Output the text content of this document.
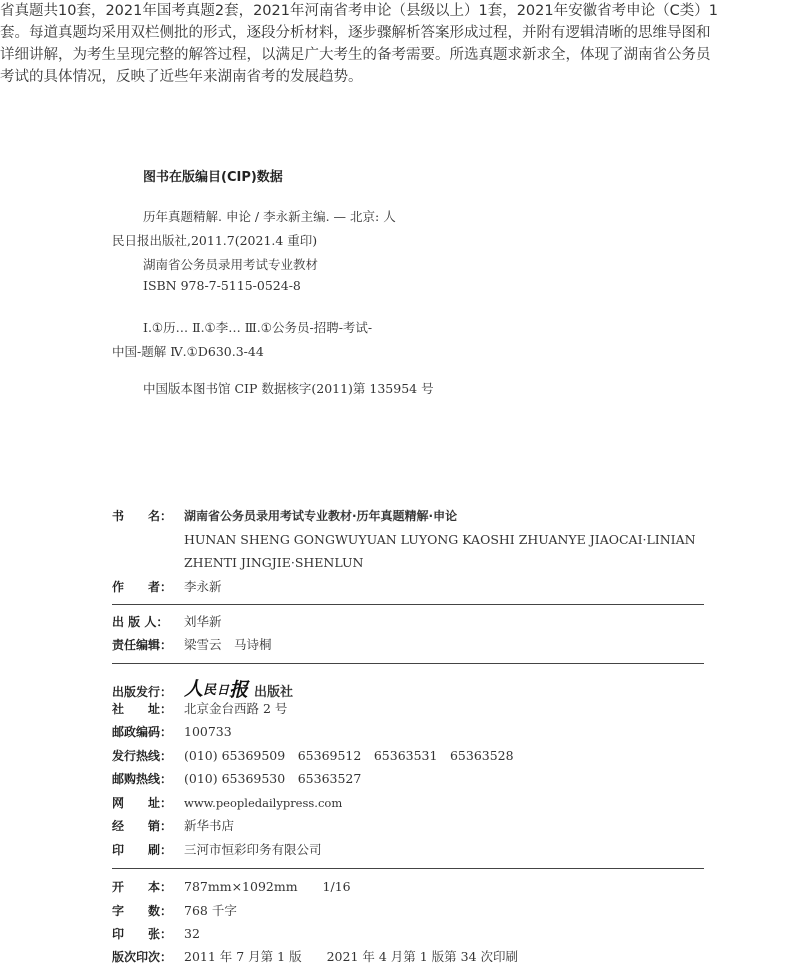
省真题共10套，2021年国考真题2套，2021年河南省考申论（县级以上）1套，2021年安徽省考申论（C类）1
套。每道真题均采用双栏侧批的形式，逐段分析材料，逐步骤解析答案形成过程，并附有逻辑清晰的思维导图和
详细讲解，为考生呈现完整的解答过程，以满足广大考生的备考需要。所选真题求新求全，体现了湖南省公务员
考试的具体情况，反映了近些年来湖南省考的发展趋势。
图书在版编目(CIP)数据
历年真题精解. 申论 / 李永新主编. — 北京: 人
民日报出版社,2011.7(2021.4 重印)
湖南省公务员录用考试专业教材
ISBN 978-7-5115-0524-8
Ⅰ.①历… Ⅱ.①李… Ⅲ.①公务员-招聘-考试-
中国-题解 Ⅳ.①D630.3-44
中国版本图书馆 CIP 数据核字(2011)第 135954 号
书　　名： 湖南省公务员录用考试专业教材·历年真题精解·申论
HUNAN SHENG GONGWUYUAN LUYONG KAOSHI ZHUANYE JIAOCAI·LINIAN
ZHENTI JINGJIE·SHENLUN
作　　者： 李永新
出 版 人： 刘华新
责任编辑： 梁雪云　马诗桐
出版发行： 人 民 日 报 出版社
社　　址： 北京金台西路 2 号
邮政编码： 100733
发行热线： (010) 65369509　65369512　65363531　65363528
邮购热线： (010) 65369530　65363527
网　　址： www.peopledailypress.com
经　　销： 新华书店
印　　刷： 三河市恒彩印务有限公司
开　　本： 787mm×1092mm　　1/16
字　　数： 768 千字
印　　张： 32
版次印次： 2011 年 7 月第 1 版　　2021 年 4 月第 1 版第 34 次印刷
